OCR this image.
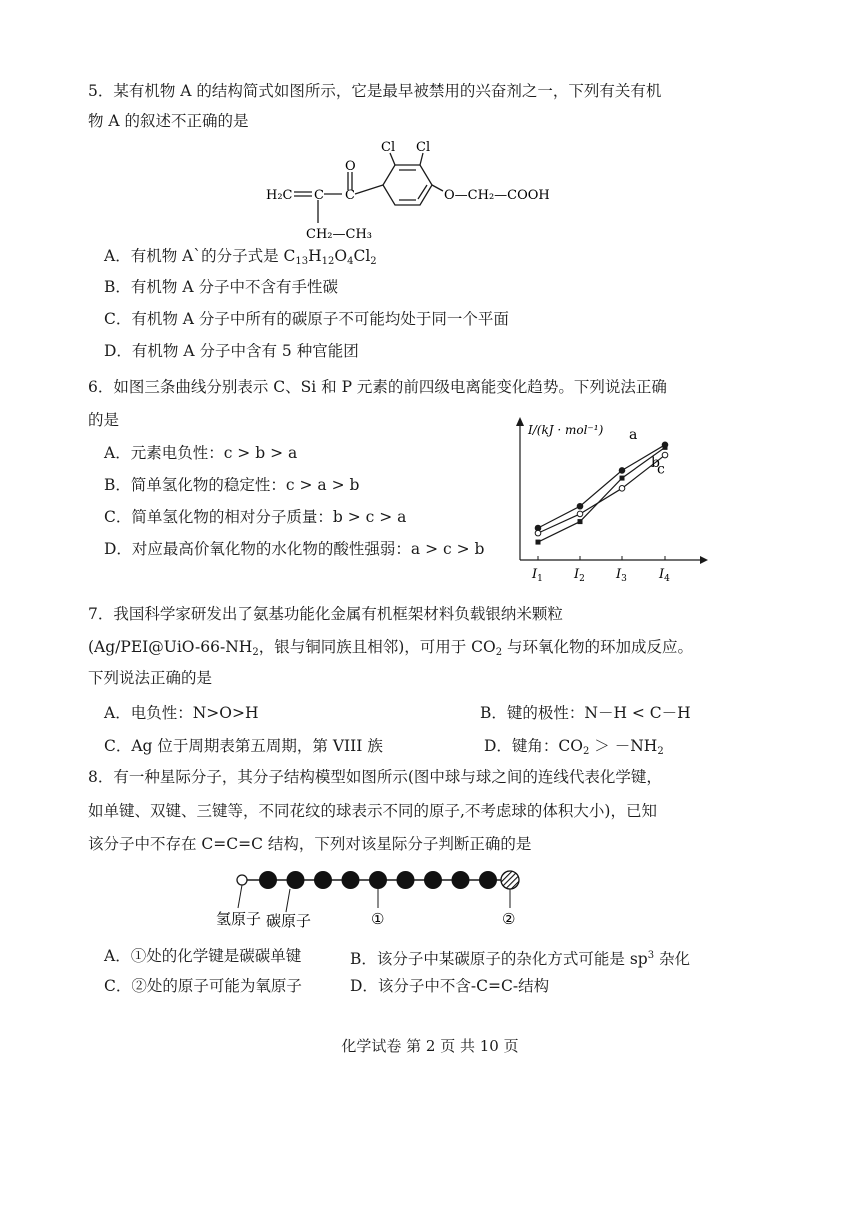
5．某有机物 A 的结构简式如图所示，它是最早被禁用的兴奋剂之一，下列有关有机
物 A 的叙述不正确的是
Cl Cl
O
H₂C C C	O—CH₂—COOH
CH₂—CH₃
A．有机物 A`的分子式是 $C_{13}H_{12}O_4Cl_2$
B．有机物 A 分子中不含有手性碳
C．有机物 A 分子中所有的碳原子不可能均处于同一个平面
D．有机物 A 分子中含有 5 种官能团
6．如图三条曲线分别表示 C、Si 和 P 元素的前四级电离能变化趋势。下列说法正确
的是
A．元素电负性：c > b > a
B．简单氢化物的稳定性：c > a > b
C．简单氢化物的相对分子质量：b > c > a
D．对应最高价氧化物的水化物的酸性强弱：a > c > b
I/(kJ · mol⁻¹)
$I_1$ $I_2$ $I_3$ $I_4$
a
b
c
7．我国科学家研发出了氨基功能化金属有机框架材料负载银纳米颗粒
($Ag/PEI@UiO-66-NH_2$，银与铜同族且相邻)，可用于 $CO_2$ 与环氧化物的环加成反应。
下列说法正确的是
A．电负性：N>O>H	B．键的极性：N－H < C－H
C．Ag 位于周期表第五周期，第 VIII 族	D．键角：$CO_2 > -NH_2$
8．有一种星际分子，其分子结构模型如图所示(图中球与球之间的连线代表化学键，
如单键、双键、三键等，不同花纹的球表示不同的原子,不考虑球的体积大小)，已知
该分子中不存在 C=C=C 结构，下列对该星际分子判断正确的是
氢原子 碳原子	①	②
A．①处的化学键是碳碳单键	B．该分子中某碳原子的杂化方式可能是 $sp^3$ 杂化
C．②处的原子可能为氧原子	D．该分子中不含-C=C-结构
化学试卷 第 2 页 共 10 页
